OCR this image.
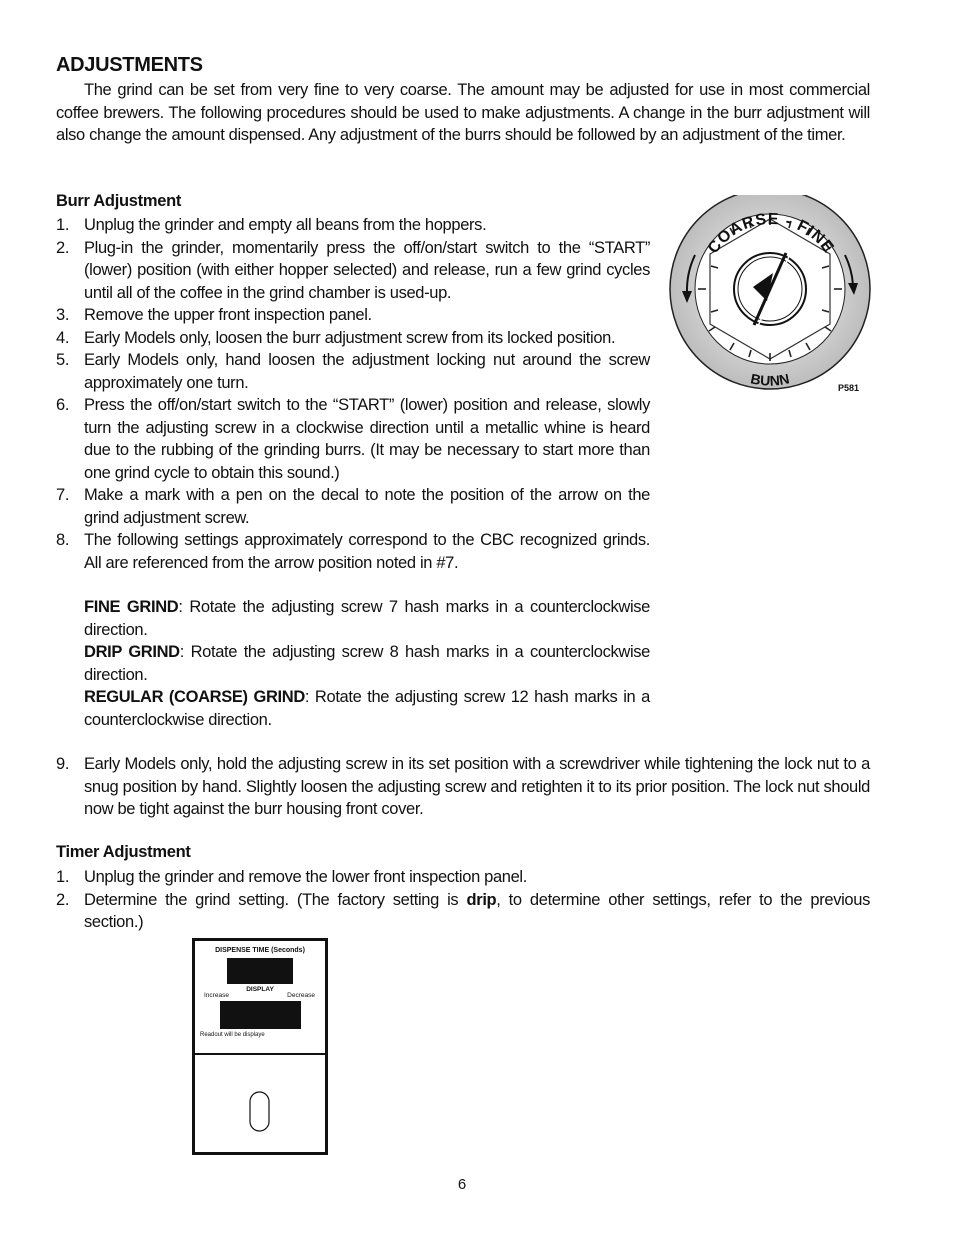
ADJUSTMENTS
The grind can be set from very fine to very coarse. The amount may be adjusted for use in most commercial coffee brewers. The following procedures should be used to make adjustments. A change in the burr adjustment will also change the amount dispensed. Any adjustment of the burrs should be followed by an adjustment of the timer.
Burr Adjustment
1. Unplug the grinder and empty all beans from the hoppers.
2. Plug-in the grinder, momentarily press the off/on/start switch to the “START” (lower) position (with either hopper selected) and release, run a few grind cycles until all of the coffee in the grind chamber is used-up.
3. Remove the upper front inspection panel.
4. Early Models only, loosen the burr adjustment screw from its locked position.
5. Early Models only, hand loosen the adjustment locking nut around the screw approximately one turn.
6. Press the off/on/start switch to the “START” (lower) position and release, slowly turn the adjusting screw in a clockwise direction until a metallic whine is heard due to the rubbing of the grinding burrs. (It may be necessary to start more than one grind cycle to obtain this sound.)
7. Make a mark with a pen on the decal to note the position of the arrow on the grind adjustment screw.
8. The following settings approximately correspond to the CBC recognized grinds. All are referenced from the arrow position noted in #7.
FINE GRIND: Rotate the adjusting screw 7 hash marks in a counterclockwise direction.
DRIP GRIND: Rotate the adjusting screw 8 hash marks in a counterclockwise direction.
REGULAR (COARSE) GRIND: Rotate the adjusting screw 12 hash marks in a counterclockwise direction.
9. Early Models only, hold the adjusting screw in its set position with a screwdriver while tightening the lock nut to a snug position by hand. Slightly loosen the adjusting screw and retighten it to its prior position. The lock nut should now be tight against the burr housing front cover.
Timer Adjustment
1. Unplug the grinder and remove the lower front inspection panel.
2. Determine the grind setting. (The factory setting is drip, to determine other settings, refer to the previous section.)
COARSE - FINE
BUNN
P581
DISPENSE TIME (Seconds)
DISPLAY
Increase	Decrease
Readout will be displaye
6
